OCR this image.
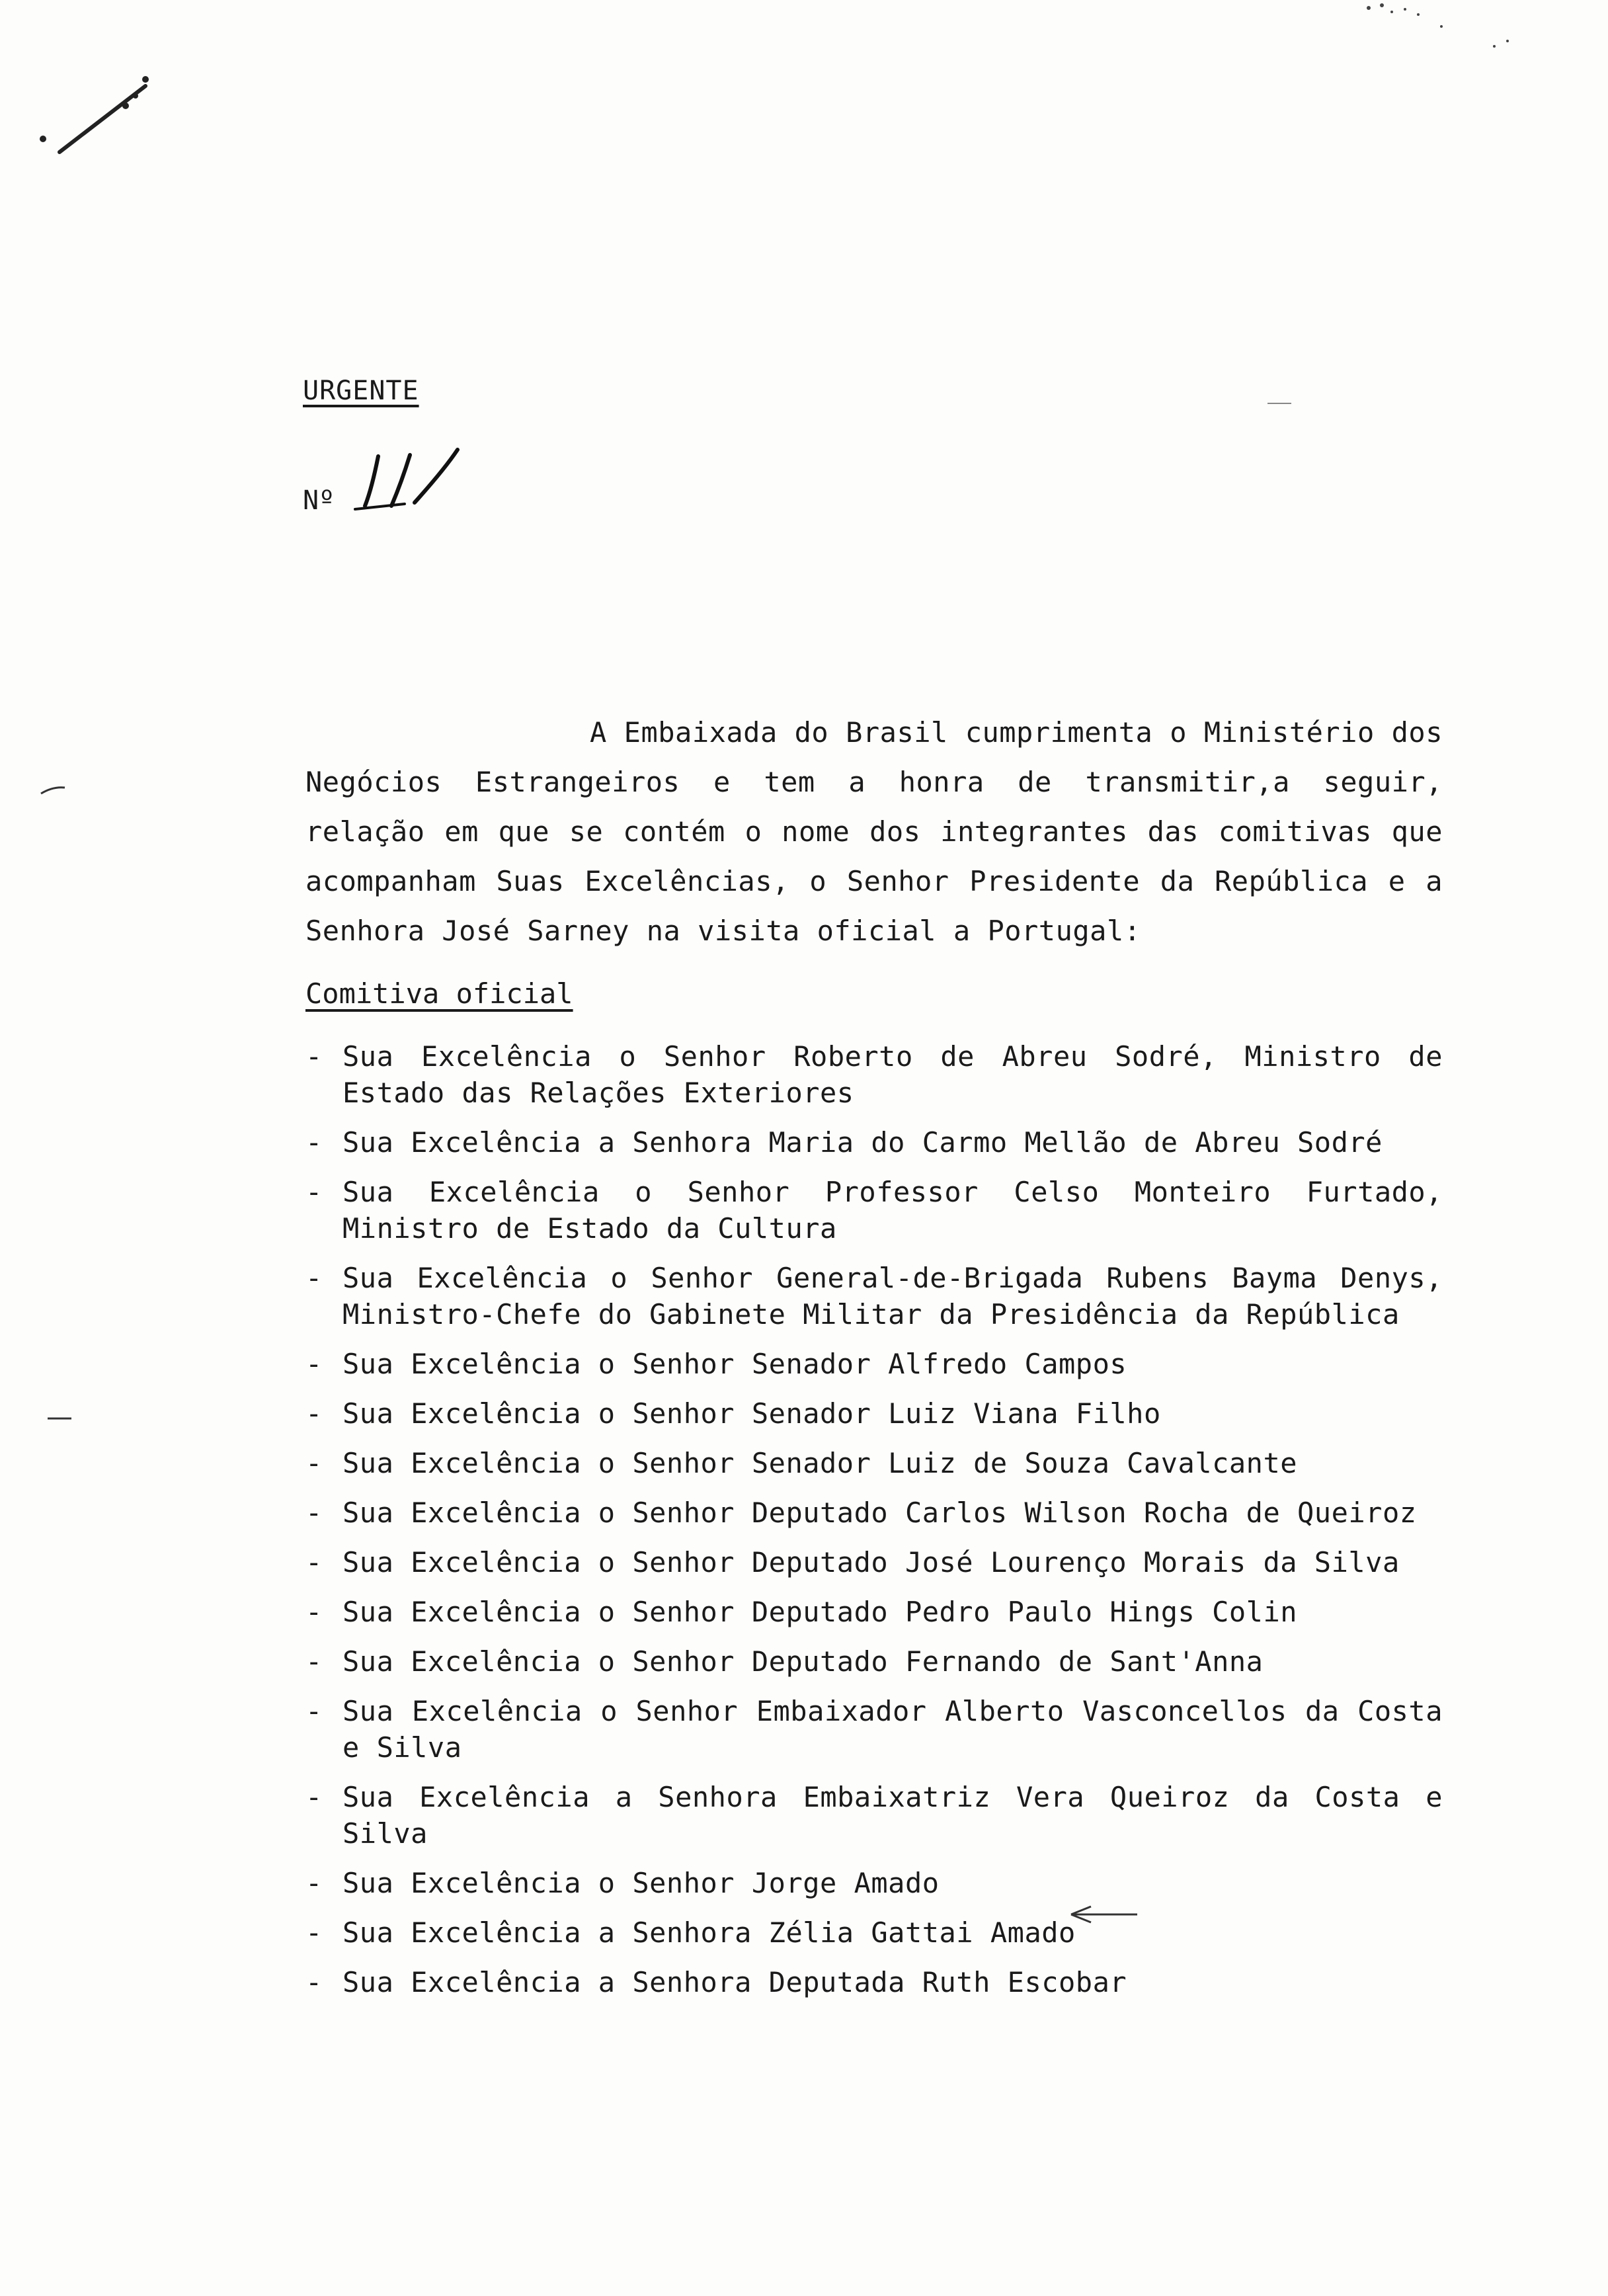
URGENTE
Nº
A Embaixada do Brasil cumprimenta o Ministério dos Negócios Estrangeiros e tem a honra de transmitir,a seguir, relação em que se contém o nome dos integrantes das comitivas que acompanham Suas Excelências, o Senhor Presidente da República e a Senhora José Sarney na visita oficial a Portugal:
Comitiva oficial
- Sua Excelência o Senhor Roberto de Abreu Sodré, Ministro de Estado das Relações Exteriores
- Sua Excelência a Senhora Maria do Carmo Mellão de Abreu Sodré
- Sua Excelência o Senhor Professor Celso Monteiro Furtado, Ministro de Estado da Cultura
- Sua Excelência o Senhor General-de-Brigada Rubens Bayma Denys, Ministro-Chefe do Gabinete Militar da Presidência da República
- Sua Excelência o Senhor Senador Alfredo Campos
- Sua Excelência o Senhor Senador Luiz Viana Filho
- Sua Excelência o Senhor Senador Luiz de Souza Cavalcante
- Sua Excelência o Senhor Deputado Carlos Wilson Rocha de Queiroz
- Sua Excelência o Senhor Deputado José Lourenço Morais da Silva
- Sua Excelência o Senhor Deputado Pedro Paulo Hings Colin
- Sua Excelência o Senhor Deputado Fernando de Sant'Anna
- Sua Excelência o Senhor Embaixador Alberto Vasconcellos da Costa e Silva
- Sua Excelência a Senhora Embaixatriz Vera Queiroz da Costa e Silva
- Sua Excelência o Senhor Jorge Amado
- Sua Excelência a Senhora Zélia Gattai Amado
- Sua Excelência a Senhora Deputada Ruth Escobar
